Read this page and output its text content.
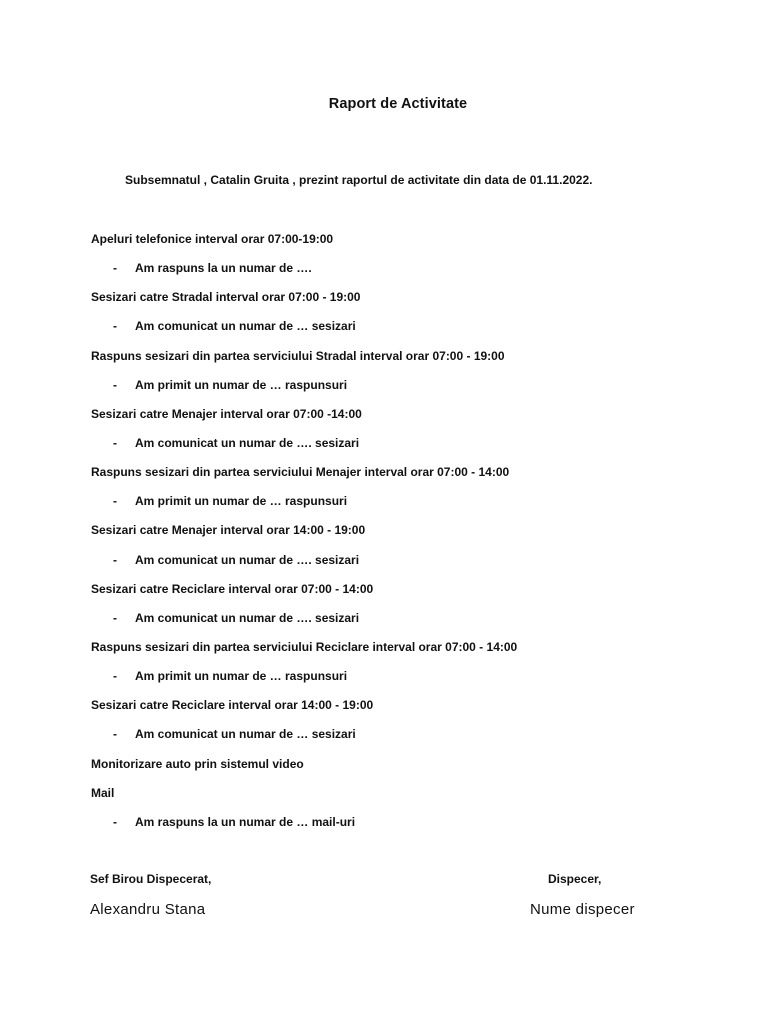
Raport de Activitate
Subsemnatul , Catalin Gruita , prezint raportul de activitate din data de 01.11.2022.
Apeluri telefonice interval orar 07:00-19:00
- Am raspuns la un numar de ….
Sesizari catre Stradal interval orar 07:00 - 19:00
- Am comunicat un numar de … sesizari
Raspuns sesizari din partea serviciului Stradal interval orar 07:00 - 19:00
- Am primit un numar de … raspunsuri
Sesizari catre Menajer interval orar 07:00 -14:00
- Am comunicat un numar de …. sesizari
Raspuns sesizari din partea serviciului Menajer interval orar 07:00 - 14:00
- Am primit un numar de … raspunsuri
Sesizari catre Menajer interval orar 14:00 - 19:00
- Am comunicat un numar de …. sesizari
Sesizari catre Reciclare interval orar 07:00 - 14:00
- Am comunicat un numar de …. sesizari
Raspuns sesizari din partea serviciului Reciclare interval orar 07:00 - 14:00
- Am primit un numar de … raspunsuri
Sesizari catre Reciclare interval orar 14:00 - 19:00
- Am comunicat un numar de … sesizari
Monitorizare auto prin sistemul video
Mail
- Am raspuns la un numar de … mail-uri
Sef Birou Dispecerat,
Alexandru Stana
Dispecer,
Nume dispecer
